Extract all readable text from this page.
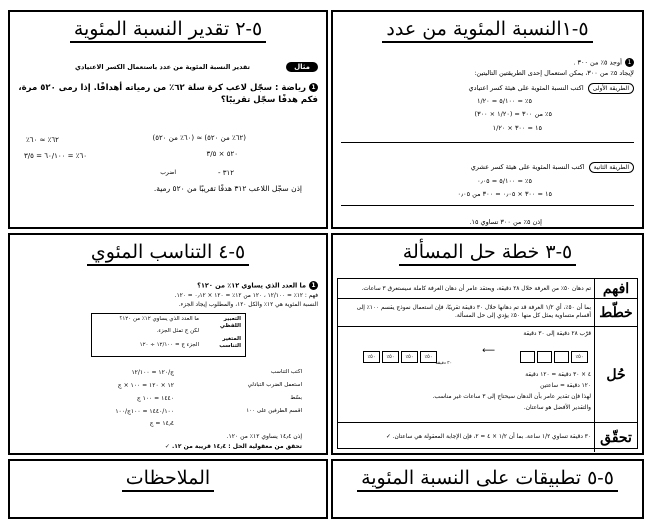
٥-١النسبة المئوية من عدد
1أوجد ٥٪ من ٣٠٠ .
لإيجاد ٥٪ من ٣٠٠، يمكن استعمال إحدى الطريقتين التاليتين:
الطريقة الأولىاكتب النسبة المئوية على هيئة كسر اعتيادي
٥٪ = ٥/١٠٠ = ١/٢٠
٥٪ من ٣٠٠ = (١/٢٠ × ٣٠٠)
١٥ = ٣٠٠ × ١/٢٠
الطريقة الثانيةاكتب النسبة المئوية على هيئة كسر عشري
٥٪ = ٥/١٠٠ = ٠٫٠٥
١٥ = ٣٠٠ × ٠٫٠٥ = ٣٠٠ من ٠٫٠٥
إذن ٥٪ من ٣٠٠ تساوي ١٥.
٥-٢ تقدير النسبة المئوية
مثال
تقدير النسبة المئوية من عدد باستعمال الكسر الاعتيادي
1رياضة : سجّل لاعب كرة سلة ٦٢٪ من رمياته أهدافًا. إذا رمى ٥٢٠ مرة، فكم هدفًا سجّل تقريبًا؟
(٦٢٪ من ٥٢٠) ≈ (٦٠٪ من ٥٢٠)
٥٢٠ × ٣/٥
٦٢٪ ≈ ٦٠٪
٦٠٪ = ٦٠/١٠٠ = ٣/٥
اضرب	٣١٢ -
إذن سجّل اللاعب ٣١٢ هدفًا تقريبًا من ٥٢٠ رمية.
٥-٣ خطة حل المسألة
افهم
تم دهان ٥٠٪ من الغرفة خلال ٢٨ دقيقة، ويعتقد عامر أن دهان الغرفة كاملة سيستغرق ٣ ساعات.
خطّط
بما أن ٥٠٪، أي ١/٢ الغرفة قد تم دهانها خلال ٣٠ دقيقة تقريبًا، فإن استعمال نموذج يقسم ١٠٠٪ إلى أقسام متساوية يمثل كل منها ٥٠٪ يؤدي إلى حل المسألة.
حُل
قرّب ٢٨ دقيقة إلى ٣٠ دقيقة
٥٠٪
⟵
٥٠٪٥٠٪٥٠٪٥٠٪
٣٠ دقيقة
٤ × ٣٠ دقيقة = ١٢٠ دقيقة
١٢٠ دقيقة = ساعتين
لهذا فإن تقدير عامر بأن الدهان سيحتاج إلى ٣ ساعات غير مناسب.
والتقدير الأفضل هو ساعتان.
تحقّق
٣٠ دقيقة تساوي ١/٢ ساعة. بما أن ١/٢ × ٤ = ٢، فإن الإجابة المعقولة هي ساعتان. ✓
٥-٤ التناسب المئوي
1ما العدد الذي يساوي ١٢٪ من ١٢٠؟
فهم : ١٢٪ = ١٢/١٠٠ ، ١٢٠ من ١٢٪ = ١٢٠ × ٠٫١٢ = ١٢٠.
النسبة المئوية هي ١٢٪ والكل ١٢٠، والمطلوب إيجاد الجزء.
التعبير اللفظي
المتغير
التناسب
ما العدد الذي يساوي ١٢٪ من ١٢٠؟
لكن ج تمثل الجزء.
الجزء ج = ١٢/١٠٠ ÷ ١٢٠
اكتب التناسب
ج/١٢٠ = ١٢/١٠٠
استعمل الضرب التبادلي
١٢ × ١٢٠ = ١٠٠ × ج
بسّط
١٤٤٠ = ١٠٠ ج
اقسم الطرفين على ١٠٠
١٤٤٠/١٠٠ = ١٠٠ج/١٠٠
١٤٫٤ = ج
إذن ١٤٫٤ يساوي ١٢٪ من ١٢٠.
تحقق من معقولية الحل : ١٤٫٤ قريبة من ١٢. ✓
٥-٥ تطبيقات على النسبة المئوية
الملاحظات
